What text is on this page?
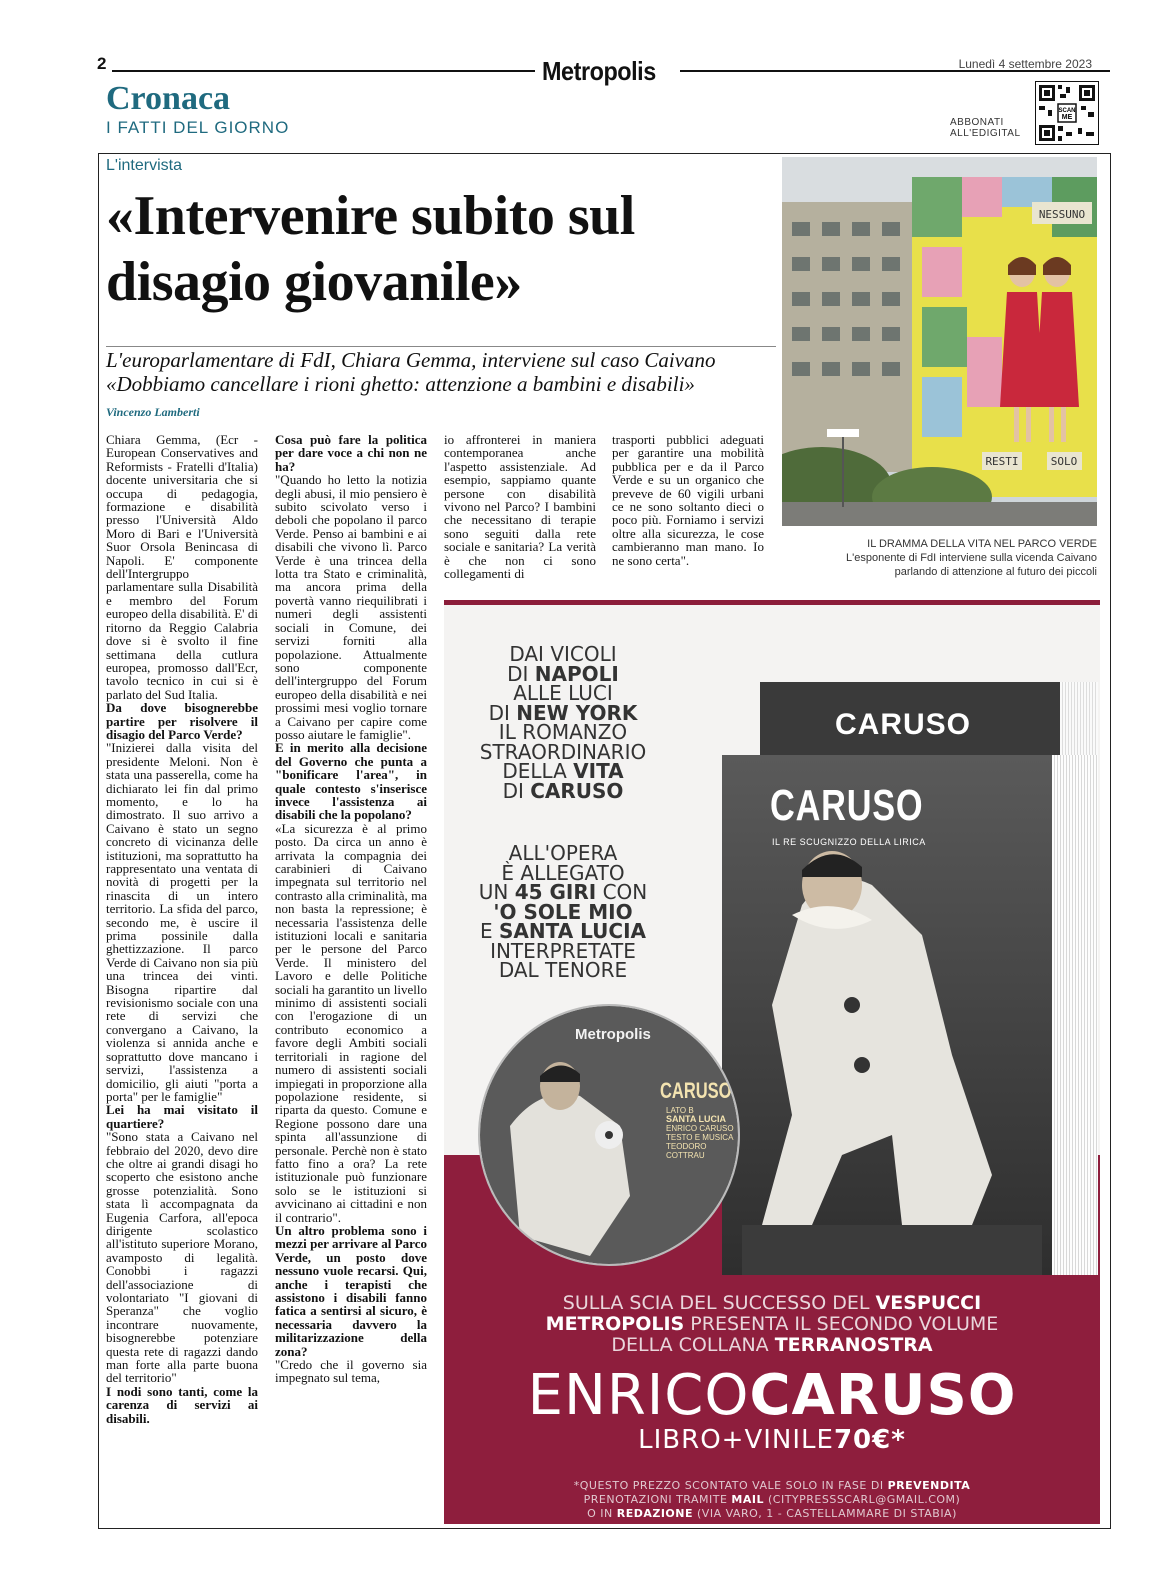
2	Metropolis	Lunedì 4 settembre 2023
Cronaca
I FATTI DEL GIORNO	ABBONATI
ALL'EDIGITAL
SCAN
ME
L'intervista
«Intervenire subito sul disagio giovanile»
L'europarlamentare di FdI, Chiara Gemma, interviene sul caso Caivano
«Dobbiamo cancellare i rioni ghetto: attenzione a bambini e disabili»
Vincenzo Lamberti

Chiara Gemma, (Ecr -European Conservatives and Reformists - Fratelli d'Italia) docente universitaria che si occupa di pedagogia, formazione e disabilità presso l'Università Aldo Moro di Bari e l'Università Suor Orsola Benincasa di Napoli. E' componente dell'Intergruppo parlamentare sulla Disabilità e membro del Forum europeo della disabilità. E' di ritorno da Reggio Calabria dove si è svolto il fine settimana della cutlura europea, promosso dall'Ecr, tavolo tecnico in cui si è parlato del Sud Italia.

Da dove bisognerebbe partire per risolvere il disagio del Parco Verde?

"Inizierei dalla visita del presidente Meloni. Non è stata una passerella, come ha dichiarato lei fin dal primo momento, e lo ha dimostrato. Il suo arrivo a Caivano è stato un segno concreto di vicinanza delle istituzioni, ma soprattutto ha rappresentato una ventata di novità di progetti per la rinascita di un intero territorio. La sfida del parco, secondo me, è uscire il prima possinile dalla ghettizzazione. Il parco Verde di Caivano non sia più una trincea dei vinti. Bisogna ripartire dal revisionismo sociale con una rete di servizi che convergano a Caivano, la violenza si annida anche e soprattutto dove mancano i servizi, l'assistenza a domicilio, gli aiuti "porta a porta" per le famiglie"

Lei ha mai visitato il quartiere?

"Sono stata a Caivano nel febbraio del 2020, devo dire che oltre ai grandi disagi ho scoperto che esistono anche grosse potenzialità. Sono stata lì accompagnata da Eugenia Carfora, all'epoca dirigente scolastico all'istituto superiore Morano, avamposto di legalità. Conobbi i ragazzi dell'associazione di volontariato "I giovani di Speranza" che voglio incontrare nuovamente, bisognerebbe potenziare questa rete di ragazzi dando man forte alla parte buona del territorio"

I nodi sono tanti, come la carenza di servizi ai disabili.

Cosa può fare la politica per dare voce a chi non ne ha?

"Quando ho letto la notizia degli abusi, il mio pensiero è subito scivolato verso i deboli che popolano il parco Verde. Penso ai bambini e ai disabili che vivono lì. Parco Verde è una trincea della lotta tra Stato e criminalità, ma ancora prima della povertà vanno riequilibrati i numeri degli assistenti sociali in Comune, dei servizi forniti alla popolazione. Attualmente sono componente dell'intergruppo del Forum europeo della disabilità e nei prossimi mesi voglio tornare a Caivano per capire come posso aiutare le famiglie".

E in merito alla decisione del Governo che punta a "bonificare l'area", in quale contesto s'inserisce invece l'assistenza ai disabili che la popolano?

«La sicurezza è al primo posto. Da circa un anno è arrivata la compagnia dei carabinieri di Caivano impegnata sul territorio nel contrasto alla criminalità, ma non basta la repressione; è necessaria l'assistenza delle istituzioni locali e sanitaria per le persone del Parco Verde. Il ministero del Lavoro e delle Politiche sociali ha garantito un livello minimo di assistenti sociali con l'erogazione di un contributo economico a favore degli Ambiti sociali territoriali in ragione del numero di assistenti sociali impiegati in proporzione alla popolazione residente, si riparta da questo. Comune e Regione possono dare una spinta all'assunzione di personale. Perchè non è stato fatto fino a ora? La rete istituzionale può funzionare solo se le istituzioni si avvicinano ai cittadini e non il contrario".

Un altro problema sono i mezzi per arrivare al Parco Verde, un posto dove nessuno vuole recarsi. Qui, anche i terapisti che assistono i disabili fanno fatica a sentirsi al sicuro, è necessaria davvero la militarizzazione della zona?

"Credo che il governo sia impegnato sul tema,

io affronterei in maniera contemporanea anche l'aspetto assistenziale. Ad esempio, sappiamo quante persone con disabilità vivono nel Parco? I bambini che necessitano di terapie sono seguiti dalla rete sociale e sanitaria? La verità è che non ci sono collegamenti di

trasporti pubblici adeguati per garantire una mobilità pubblica per e da il Parco Verde e su un organico che preveve de 60 vigili urbani ce ne sono soltanto dieci o poco più. Forniamo i servizi oltre alla sicurezza, le cose cambieranno man mano. Io ne sono certa".

NESSUNO
RESTI	SOLO
IL DRAMMA DELLA VITA NEL PARCO VERDE
L'esponente di FdI interviene sulla vicenda Caivano
parlando di attenzione al futuro dei piccoli
DAI VICOLI
DI NAPOLI
ALLE LUCI
DI NEW YORK
IL ROMANZO
STRAORDINARIO
DELLA VITA
DI CARUSO
ALL'OPERA
È ALLEGATO
UN 45 GIRI CON
'O SOLE MIO
E SANTA LUCIA
INTERPRETATE
DAL TENORE
CARUSO
CARUSO
IL RE SCUGNIZZO DELLA LIRICA
Metropolis
CARUSO
LATO B
SANTA LUCIA
ENRICO CARUSO
TESTO E MUSICA
TEODORO COTTRAU
SULLA SCIA DEL SUCCESSO DEL VESPUCCI
METROPOLIS PRESENTA IL SECONDO VOLUME
DELLA COLLANA TERRANOSTRA
ENRICOCARUSO
LIBRO+VINILE70€*
*QUESTO PREZZO SCONTATO VALE SOLO IN FASE DI PREVENDITA
PRENOTAZIONI TRAMITE MAIL (CITYPRESSSCARL@GMAIL.COM)
O IN REDAZIONE (VIA VARO, 1 - CASTELLAMMARE DI STABIA)
